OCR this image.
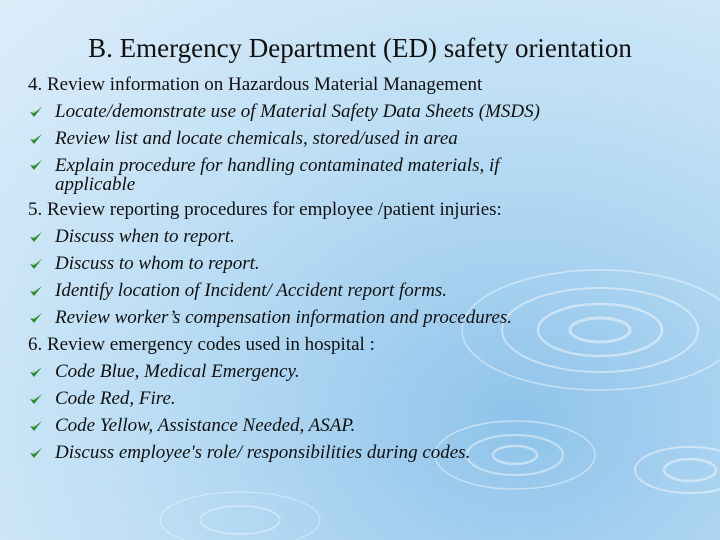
B. Emergency Department (ED) safety orientation
4. Review information on Hazardous Material Management
Locate/demonstrate use of Material Safety Data Sheets (MSDS)
Review list and locate chemicals, stored/used in area
Explain procedure for handling contaminated materials, if
applicable
5. Review reporting procedures for employee /patient injuries:
Discuss when to report.
Discuss to whom to report.
Identify location of Incident/ Accident report forms.
Review worker’s compensation information and procedures.
6. Review emergency codes used in hospital :
Code Blue, Medical Emergency.
Code Red, Fire.
Code Yellow, Assistance Needed, ASAP.
Discuss employee's role/ responsibilities during codes.
